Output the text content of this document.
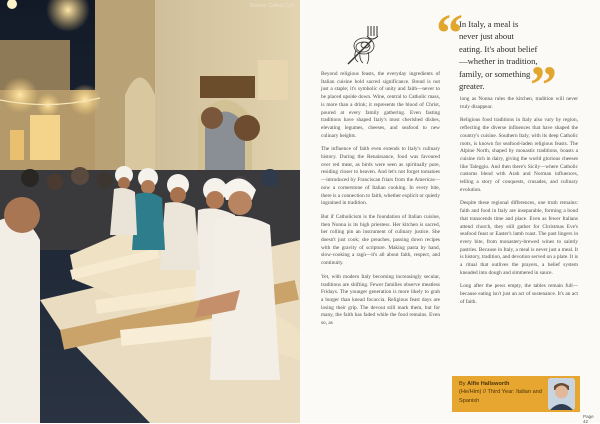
Source: Calista Cell	“
”
In Italy, a meal is never just about eating. It's about belief—whether in tradition, family, or something greater.

Beyond religious feasts, the everyday ingredients of Italian cuisine hold sacred significance. Bread is not just a staple; it's symbolic of unity and faith—never to be placed upside down. Wine, central to Catholic mass, is more than a drink; it represents the blood of Christ, poured at every family gathering. Even fasting traditions have shaped Italy's most cherished dishes, elevating legumes, cheeses, and seafood to new culinary heights.

The influence of faith even extends to Italy's culinary history. During the Renaissance, food was favoured over red meat, as birds were seen as spiritually pure, residing closer to heaven. And let's not forget tomatoes—introduced by Franciscan friars from the Americas—now a cornerstone of Italian cooking. In every bite, there is a connection to faith, whether explicit or quietly ingrained in tradition.

But if Catholicism is the foundation of Italian cuisine, then Nonna is its high priestess. Her kitchen is sacred, her rolling pin an instrument of culinary justice. She doesn't just cook; she preaches, passing down recipes with the gravity of scripture. Making pasta by hand, slow-cooking a ragù—it's all about faith, respect, and continuity.

Yet, with modern Italy becoming increasingly secular, traditions are shifting. Fewer families observe meatless Fridays. The younger generation is more likely to grab a burger than knead focaccia. Religious feast days are losing their grip. The devout still mark them, but for many, the faith has faded while the food remains. Even so, as

long as Nonna rules the kitchen, tradition will never truly disappear.

Religious food traditions in Italy also vary by region, reflecting the diverse influences that have shaped the country's cuisine. Southern Italy, with its deep Catholic roots, is known for seafood-laden religious feasts. The Alpine North, shaped by monastic traditions, boasts a cuisine rich in dairy, giving the world glorious cheeses like Taleggio. And then there's Sicily—where Catholic customs blend with Arab and Norman influences, telling a story of conquests, crusades, and culinary evolution.

Despite these regional differences, one truth remains: faith and food in Italy are inseparable, forming a bond that transcends time and place. Even as fewer Italians attend church, they still gather for Christmas Eve's seafood feast or Easter's lamb roast. The past lingers in every bite, from monastery-brewed wines to saintly pastries. Because in Italy, a meal is never just a meal. It is history, tradition, and devotion served on a plate. It is a ritual that outlives the prayers, a belief system kneaded into dough and simmered in sauce.

Long after the pews empty, the tables remain full—because eating isn't just an act of sustenance. It's an act of faith.

By Alfie Hallsworth
(He/Him) // Third Year: Italian and Spanish
Page 42
